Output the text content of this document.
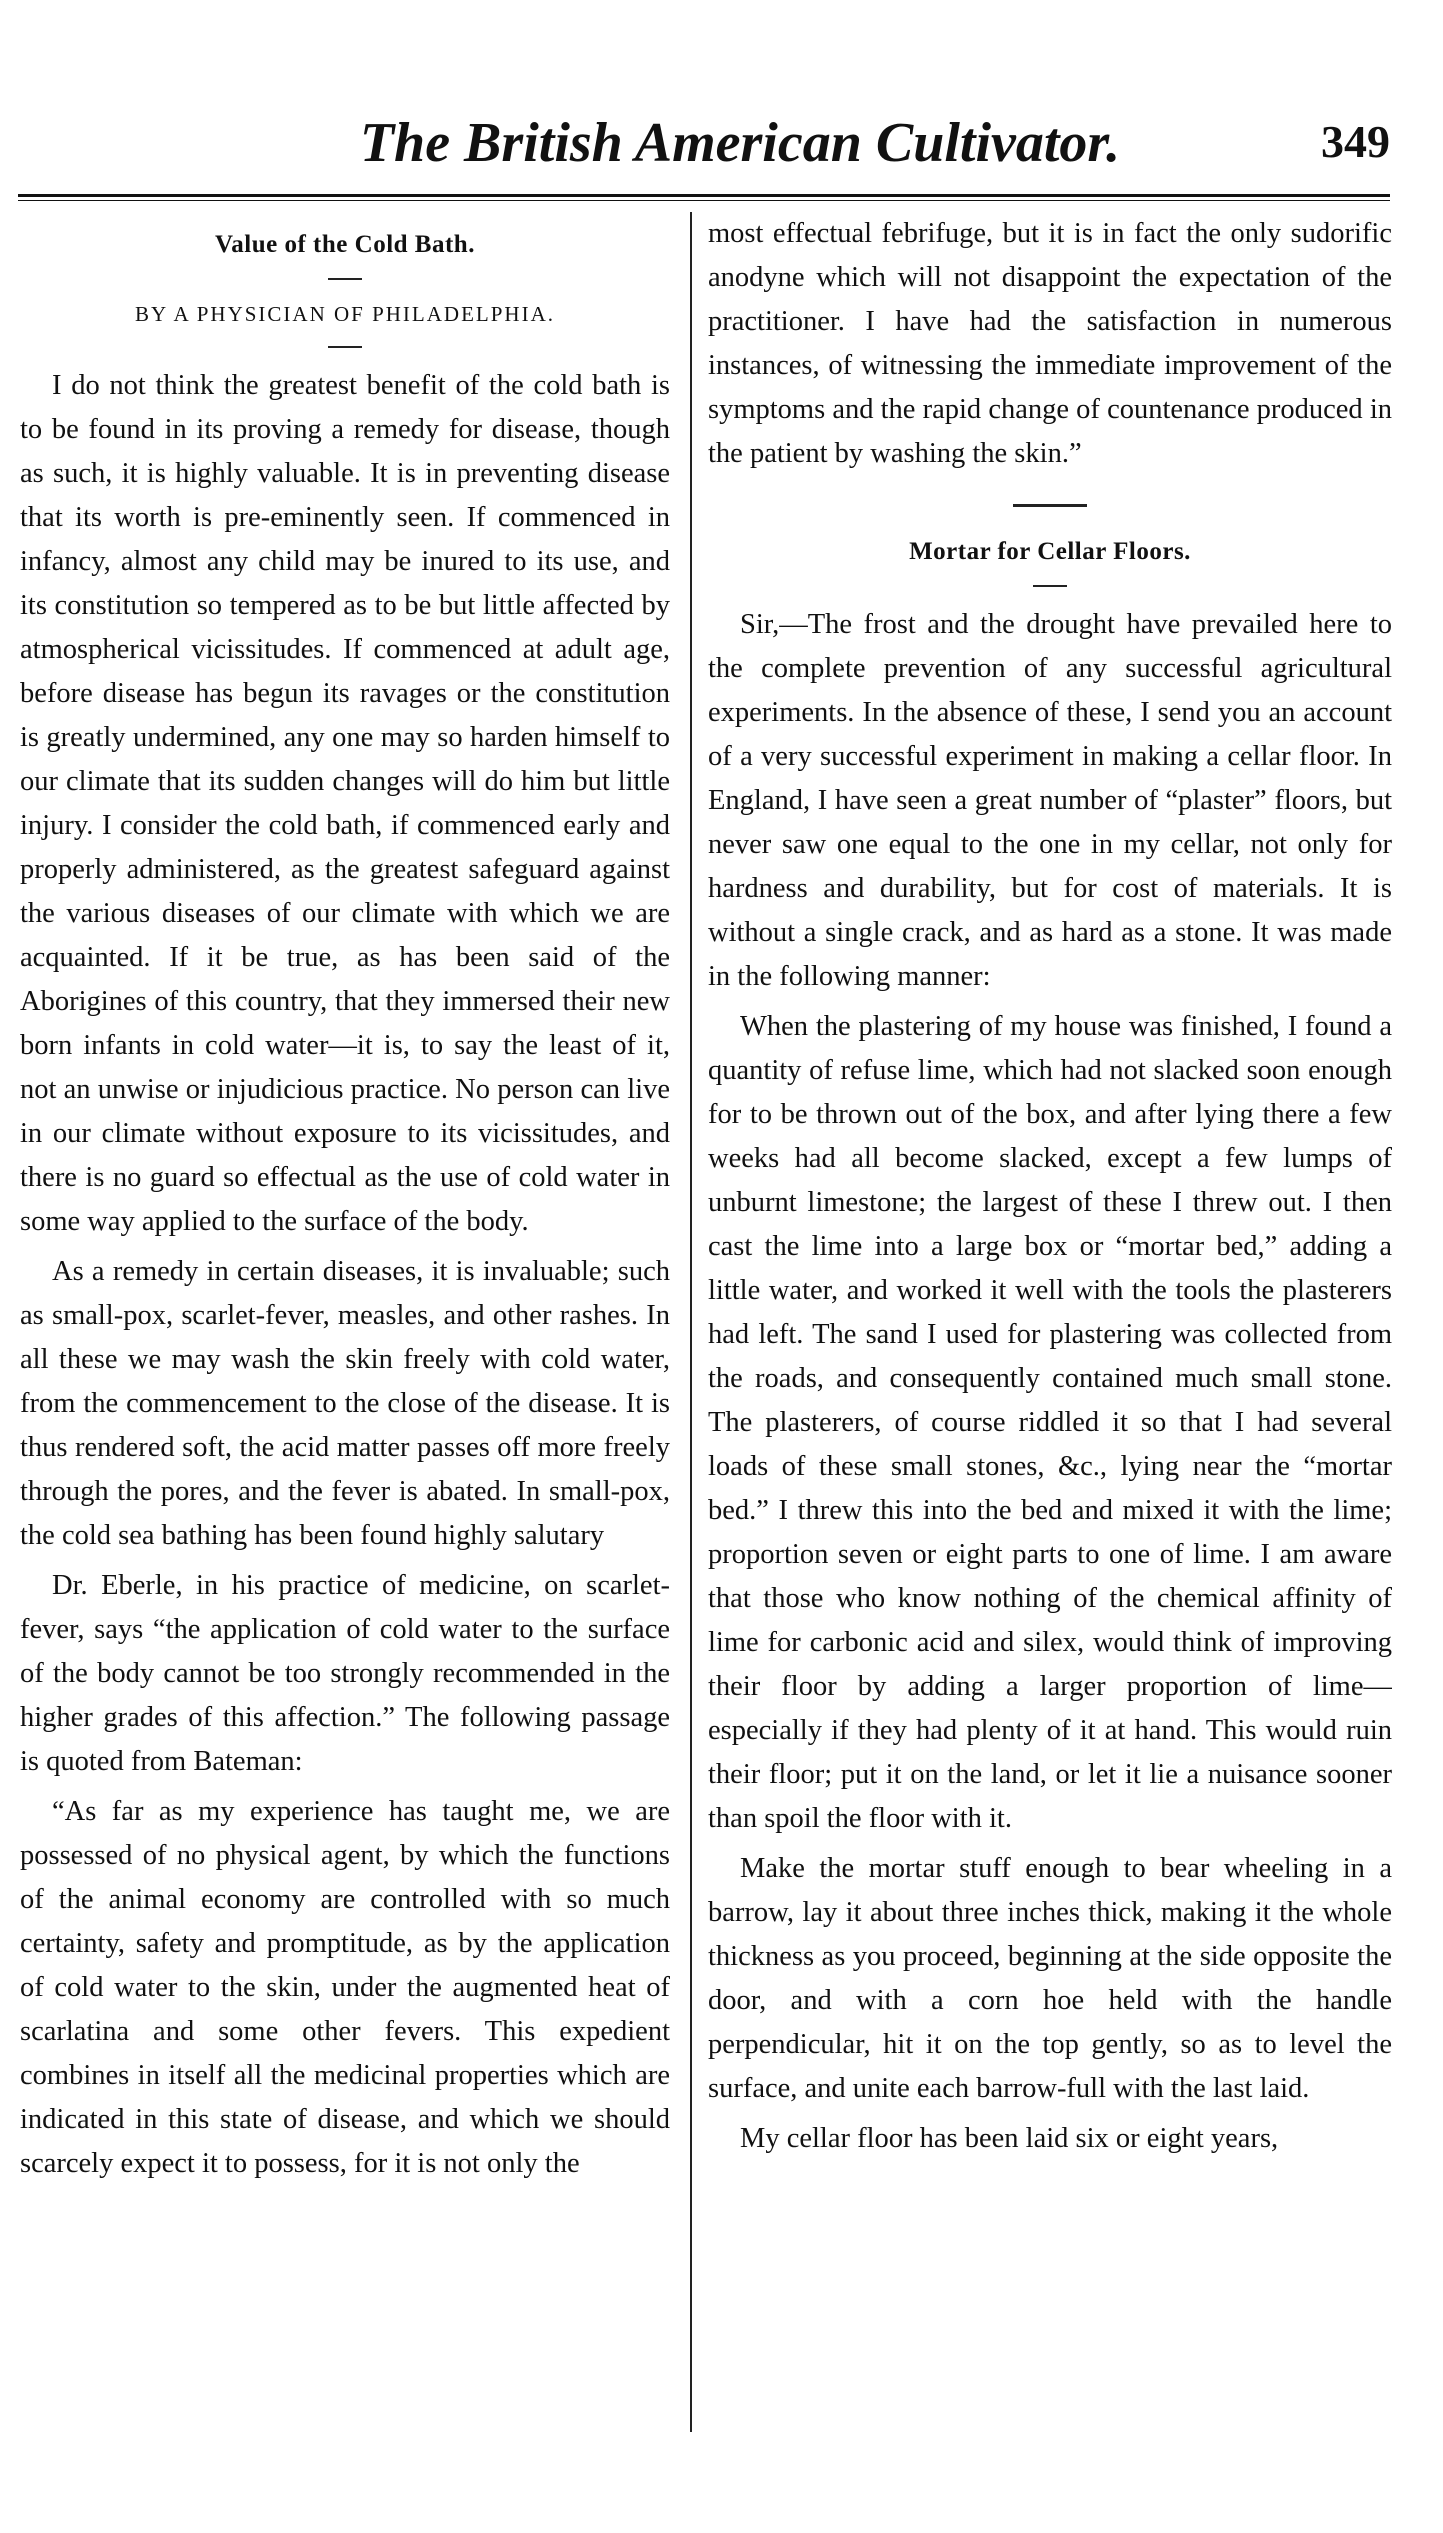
The British American Cultivator.	349
Value of the Cold Bath.
BY A PHYSICIAN OF PHILADELPHIA.

I do not think the greatest benefit of the cold bath is to be found in its proving a remedy for disease, though as such, it is highly valuable. It is in preventing disease that its worth is pre-eminently seen. If commenced in infancy, almost any child may be inured to its use, and its constitution so tempered as to be but little affected by atmospherical vicissitudes. If commenced at adult age, before disease has begun its ravages or the constitution is greatly undermined, any one may so harden himself to our climate that its sudden changes will do him but little injury. I consider the cold bath, if commenced early and properly administered, as the greatest safeguard against the various diseases of our climate with which we are acquainted. If it be true, as has been said of the Aborigines of this country, that they immersed their new born infants in cold water—it is, to say the least of it, not an unwise or injudicious practice. No person can live in our climate without exposure to its vicissitudes, and there is no guard so effectual as the use of cold water in some way applied to the surface of the body.

As a remedy in certain diseases, it is invaluable; such as small-pox, scarlet-fever, measles, and other rashes. In all these we may wash the skin freely with cold water, from the commencement to the close of the disease. It is thus rendered soft, the acid matter passes off more freely through the pores, and the fever is abated. In small-pox, the cold sea bathing has been found highly salutary

Dr. Eberle, in his practice of medicine, on scarlet-fever, says “the application of cold water to the surface of the body cannot be too strongly recommended in the higher grades of this affection.” The following passage is quoted from Bateman:

“As far as my experience has taught me, we are possessed of no physical agent, by which the functions of the animal economy are controlled with so much certainty, safety and promptitude, as by the application of cold water to the skin, under the augmented heat of scarlatina and some other fevers. This expedient combines in itself all the medicinal properties which are indicated in this state of disease, and which we should scarcely expect it to possess, for it is not only the

most effectual febrifuge, but it is in fact the only sudorific anodyne which will not disappoint the expectation of the practitioner. I have had the satisfaction in numerous instances, of witnessing the immediate improvement of the symptoms and the rapid change of countenance produced in the patient by washing the skin.”

Mortar for Cellar Floors.

Sir,—The frost and the drought have prevailed here to the complete prevention of any successful agricultural experiments. In the absence of these, I send you an account of a very successful experiment in making a cellar floor. In England, I have seen a great number of “plaster” floors, but never saw one equal to the one in my cellar, not only for hardness and durability, but for cost of materials. It is without a single crack, and as hard as a stone. It was made in the following manner:

When the plastering of my house was finished, I found a quantity of refuse lime, which had not slacked soon enough for to be thrown out of the box, and after lying there a few weeks had all become slacked, except a few lumps of unburnt limestone; the largest of these I threw out. I then cast the lime into a large box or “mortar bed,” adding a little water, and worked it well with the tools the plasterers had left. The sand I used for plastering was collected from the roads, and consequently contained much small stone. The plasterers, of course riddled it so that I had several loads of these small stones, &c., lying near the “mortar bed.” I threw this into the bed and mixed it with the lime; proportion seven or eight parts to one of lime. I am aware that those who know nothing of the chemical affinity of lime for carbonic acid and silex, would think of improving their floor by adding a larger proportion of lime—especially if they had plenty of it at hand. This would ruin their floor; put it on the land, or let it lie a nuisance sooner than spoil the floor with it.

Make the mortar stuff enough to bear wheeling in a barrow, lay it about three inches thick, making it the whole thickness as you proceed, beginning at the side opposite the door, and with a corn hoe held with the handle perpendicular, hit it on the top gently, so as to level the surface, and unite each barrow-full with the last laid.

My cellar floor has been laid six or eight years,
